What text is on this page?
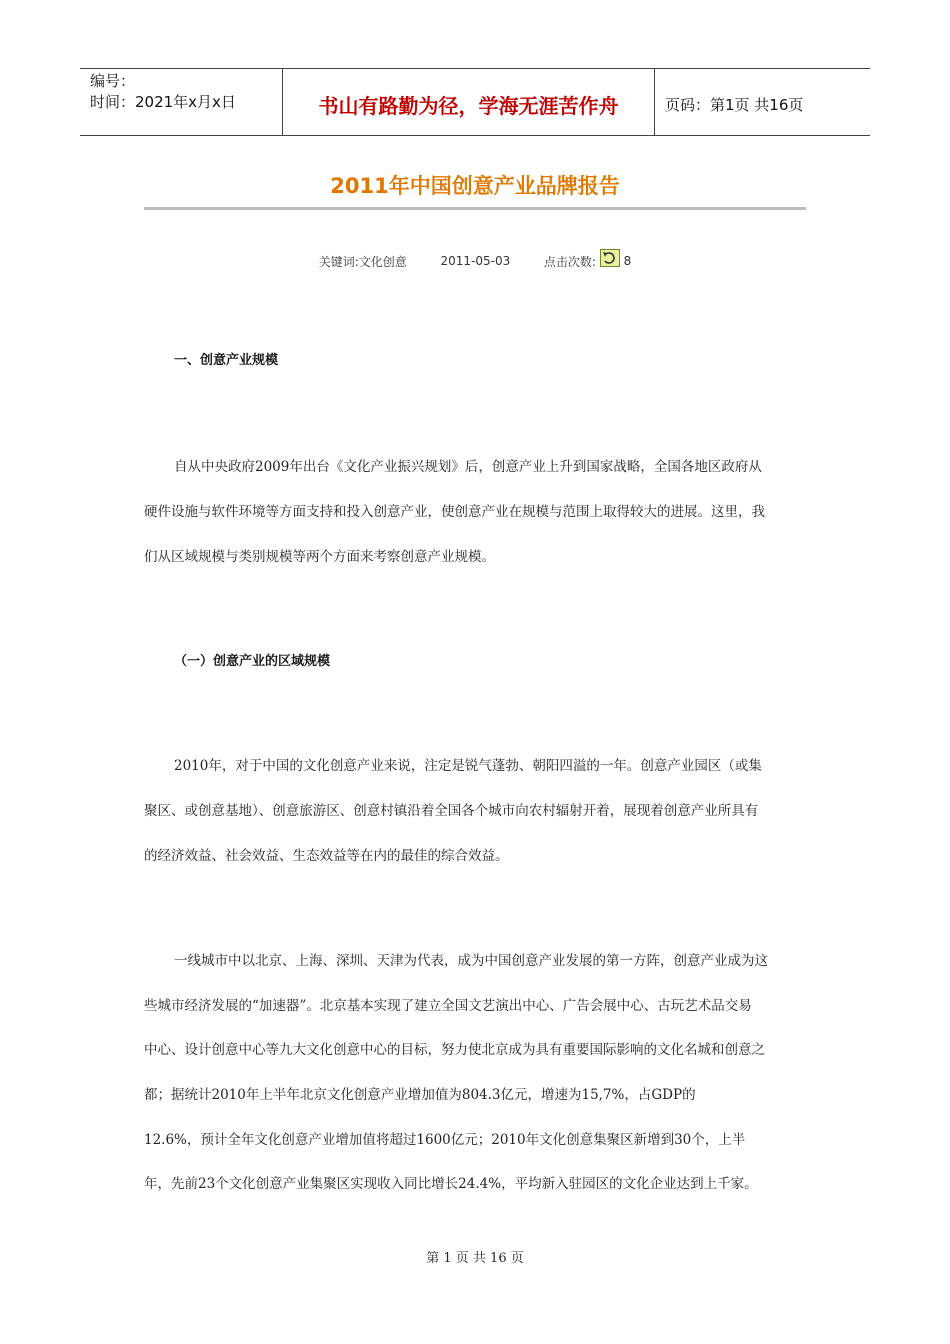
编号：
时间：2021年x月x日	书山有路勤为径，学海无涯苦作舟	页码：第1页 共16页
2011年中国创意产业品牌报告
关键词:文化创意	2011-05-03	点击次数: 8
一、创意产业规模
自从中央政府2009年出台《文化产业振兴规划》后，创意产业上升到国家战略，全国各地区政府从
硬件设施与软件环境等方面支持和投入创意产业，使创意产业在规模与范围上取得较大的进展。这里，我
们从区域规模与类别规模等两个方面来考察创意产业规模。
（一）创意产业的区域规模
2010年，对于中国的文化创意产业来说，注定是锐气蓬勃、朝阳四溢的一年。创意产业园区（或集
聚区、或创意基地）、创意旅游区、创意村镇沿着全国各个城市向农村辐射开着，展现着创意产业所具有
的经济效益、社会效益、生态效益等在内的最佳的综合效益。
一线城市中以北京、上海、深圳、天津为代表，成为中国创意产业发展的第一方阵，创意产业成为这
些城市经济发展的“加速器”。北京基本实现了建立全国文艺演出中心、广告会展中心、古玩艺术品交易
中心、设计创意中心等九大文化创意中心的目标，努力使北京成为具有重要国际影响的文化名城和创意之
都；据统计2010年上半年北京文化创意产业增加值为804.3亿元，增速为15,7%，占GDP的
12.6%，预计全年文化创意产业增加值将超过1600亿元；2010年文化创意集聚区新增到30个，上半
年，先前23个文化创意产业集聚区实现收入同比增长24.4%，平均新入驻园区的文化企业达到上千家。
第 1 页 共 16 页
